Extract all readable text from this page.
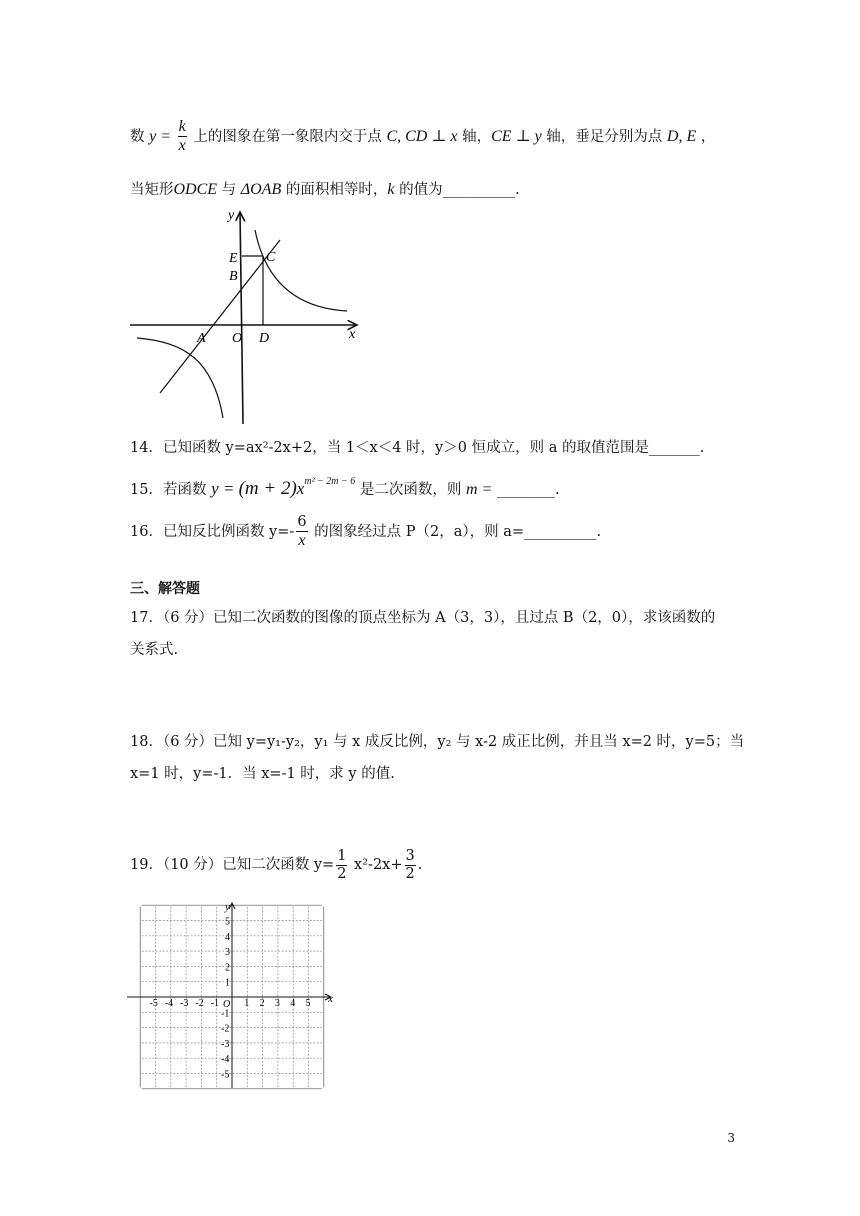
数 $y = \frac{k}{x}$ 上的图象在第一象限内交于点 C, CD ⊥ x 轴，CE ⊥ y 轴，垂足分别为点 D, E ，
当矩形ODCE 与 ΔOAB 的面积相等时，k 的值为__________.
y
x
E
B
C
A O D
14．已知函数 y=ax²-2x+2，当 1＜x＜4 时，y＞0 恒成立，则 a 的取值范围是_______.
15．若函数 $y = (m + 2)x^{m^2 - 2m - 6}$ 是二次函数，则 m = ________.
16．已知反比例函数 $y=- \frac{6}{x}$ 的图象经过点 P（2，a），则 a=__________.
三、解答题
17．（6 分）已知二次函数的图像的顶点坐标为 A（3，3），且过点 B（2，0），求该函数的
关系式.
18．（6 分）已知 y=y₁-y₂，y₁ 与 x 成反比例，y₂ 与 x-2 成正比例，并且当 x=2 时，y=5；当
x=1 时，y=-1．当 x=-1 时，求 y 的值.
19．（10 分）已知二次函数 $y= \frac{1}{2} x^2-2x+ \frac{3}{2}$ .
x
y
O
-5 -4 -3 -2 -1	1 2 3 4 5
5
4
3
2
1
-1
-2
-3
-4
-5
3
